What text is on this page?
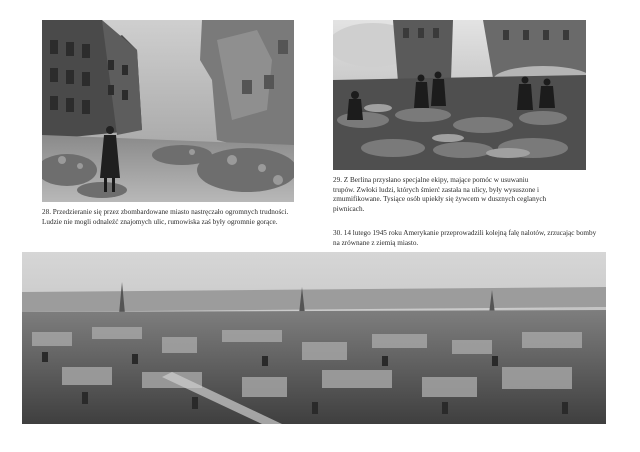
28. Przedzieranie się przez zbombardowane miasto nastręczało ogromnych trudności. Ludzie nie mogli odnaleźć znajomych ulic, rumowiska zaś były ogromnie gorące.

29. Z Berlina przysłano specjalne ekipy, mające pomóc w usuwaniu trupów. Zwłoki ludzi, których śmierć zastała na ulicy, były wysuszone i zmumifikowane. Tysiące osób upiekły się żywcem w dusznych ceglanych piwnicach.

30. 14 lutego 1945 roku Amerykanie przeprowadzili kolejną falę nalotów, zrzucając bomby na zrównane z ziemią miasto.
